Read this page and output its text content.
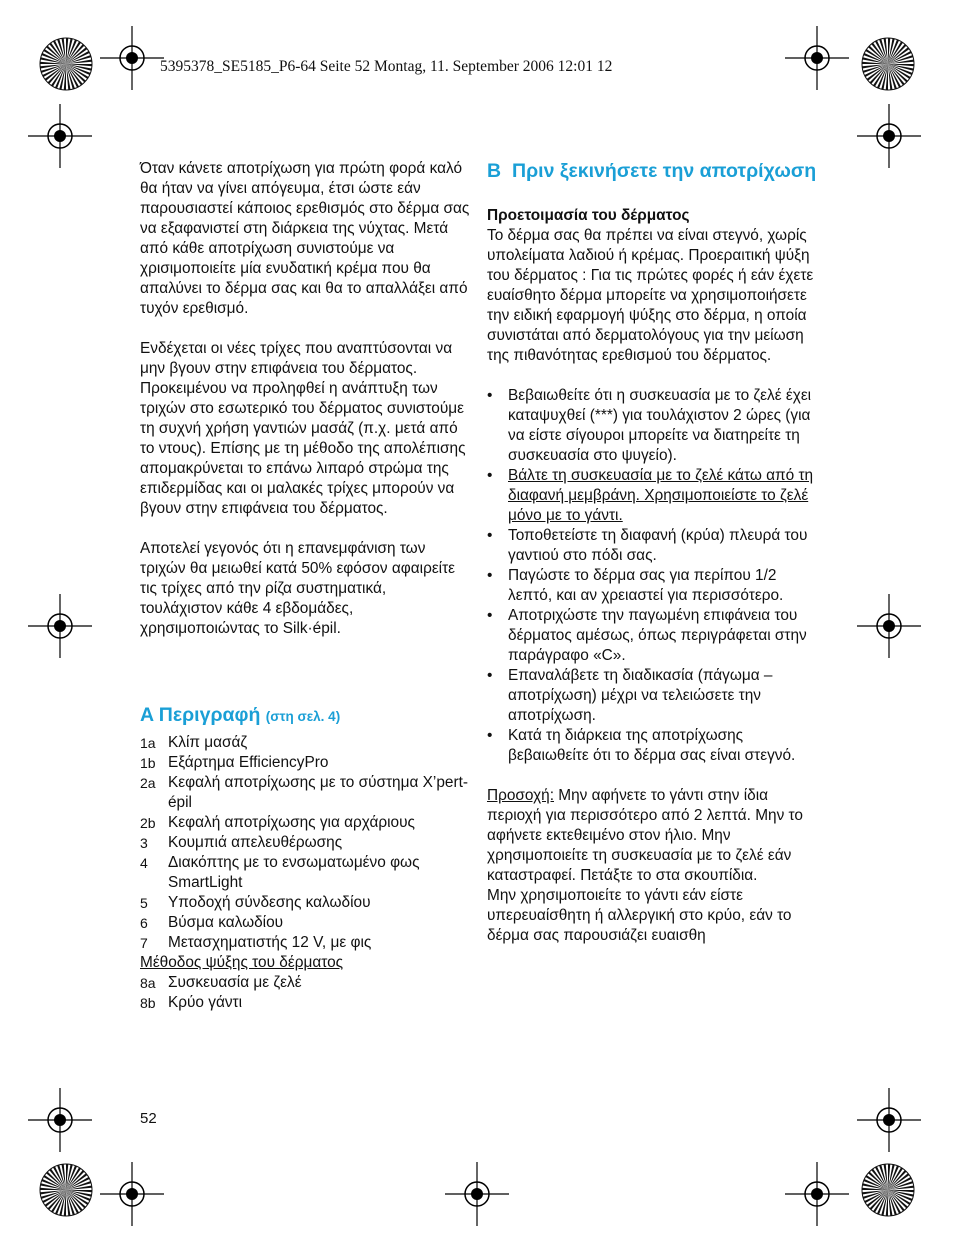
5395378_SE5185_P6-64 Seite 52 Montag, 11. September 2006 12:01 12

Όταν κάνετε αποτρίχωση για πρώτη φορά καλό θα ήταν να γίνει απόγευμα, έτσι ώστε εάν παρουσιαστεί κάποιος ερεθισμός στο δέρμα σας να εξαφανιστεί στη διάρκεια της νύχτας. Μετά από κάθε αποτρίχωση συνιστούμε να χρισιμοποιείτε μία ενυδατική κρέμα που θα απαλύνει το δέρμα σας και θα το απαλλάξει από τυχόν ερεθισμό.

Ενδέχεται οι νέες τρίχες που αναπτύσονται να μην βγουν στην επιφάνεια του δέρματος. Προκειμένου να προληφθεί η ανάπτυξη των τριχών στο εσωτερικό του δέρματος συνιστούμε τη συχνή χρήση γαντιών μασάζ (π.χ. μετά από το ντους). Επίσης με τη μέθοδο της απολέπισης απομακρύνεται το επάνω λιπαρό στρώμα της επιδερμίδας και οι μαλακές τρίχες μπορούν να βγουν στην επιφάνεια του δέρματος.

Αποτελεί γεγονός ότι η επανεμφάνιση των τριχών θα μειωθεί κατά 50% εφόσον αφαιρείτε τις τρίχες από την ρίζα συστηματικά, τουλάχιστον κάθε 4 εβδομάδες, χρησιμοποιώντας το Silk·épil.

A Περιγραφή (στη σελ. 4)
1a Κλίπ μασάζ
1b Εξάρτημα EfficiencyPro
2a Κεφαλή αποτρίχωσης με το σύστημα X’pert-épil
2b Κεφαλή αποτρίχωσης για αρχάριους
3	Κουμπιά απελευθέρωσης
4	Διακόπτης με το ενσωματωμένο φως SmartLight
5	Υποδοχή σύνδεσης καλωδίου
6	Βύσμα καλωδίου
7	Μετασχηματιστής 12 V, με φις

Μέθοδος ψύξης του δέρματος

8a Συσκευασία με ζελέ
8b Κρύο γάντι
52
B Πριν ξεκινήσετε την αποτρίχωση

Προετοιμασία του δέρματος

Το δέρμα σας θα πρέπει να είναι στεγνό, χωρίς υπολείματα λαδιού ή κρέμας. Προεραιτική ψύξη του δέρματος : Για τις πρώτες φορές ή εάν έχετε ευαίσθητο δέρμα μπορείτε να χρησιμοποιήσετε την ειδική εφαρμογή ψύξης στο δέρμα, η οποία συνιστάται από δερματολόγους για την μείωση της πιθανότητας ερεθισμού του δέρματος.

• Βεβαιωθείτε ότι η συσκευασία με το ζελέ έχει καταψυχθεί (***) για τουλάχιστον 2 ώρες (για να είστε σίγουροι μπορείτε να διατηρείτε τη συσκευασία στο ψυγείο).
• Βάλτε τη συσκευασία με το ζελέ κάτω από τη διαφανή μεμβράνη. Χρησιμοποιείστε το ζελέ μόνο με το γάντι.
• Τοποθετείστε τη διαφανή (κρύα) πλευρά του γαντιού στο πόδι σας.
• Παγώστε το δέρμα σας για περίπου 1/2 λεπτό, και αν χρειαστεί για περισσότερο.
• Αποτριχώστε την παγωμένη επιφάνεια του δέρματος αμέσως, όπως περιγράφεται στην παράγραφο «C».
• Επαναλάβετε τη διαδικασία (πάγωμα – αποτρίχωση) μέχρι να τελειώσετε την αποτρίχωση.
• Κατά τη διάρκεια της αποτρίχωσης βεβαιωθείτε ότι το δέρμα σας είναι στεγνό.

Προσοχή: Μην αφήνετε το γάντι στην ίδια περιοχή για περισσότερο από 2 λεπτά. Μην το αφήνετε εκτεθειμένο στον ήλιο. Μην χρησιμοποιείτε τη συσκευασία με το ζελέ εάν καταστραφεί. Πετάξτε το στα σκουπίδια.

Μην χρησιμοποιείτε το γάντι εάν είστε υπερευαίσθητη ή αλλεργική στο κρύο, εάν το δέρμα σας παρουσιάζει ευαισθη
